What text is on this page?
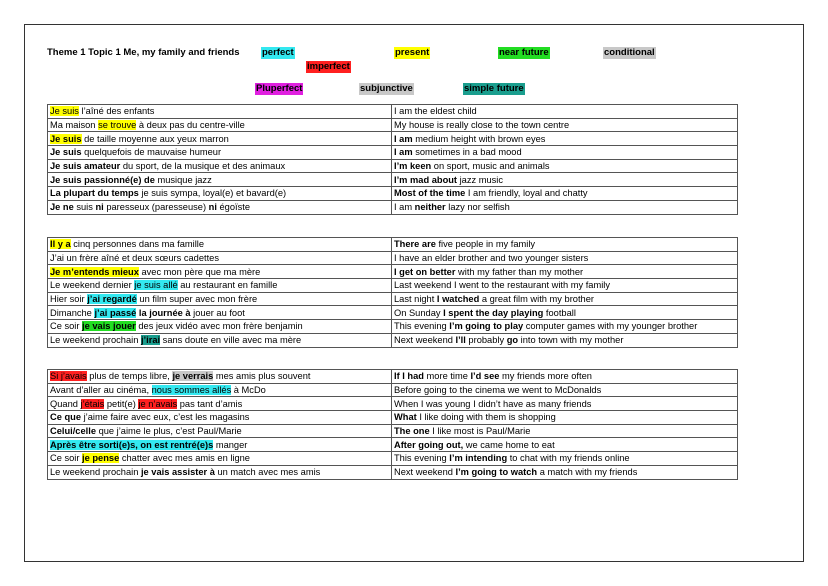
Theme 1 Topic 1 Me, my family and friends perfect	present	near future	conditional
imperfect
Pluperfect	subjunctive	simple future
Je suis l’aîné des enfants	I am the eldest child
Ma maison se trouve à deux pas du centre-ville	My house is really close to the town centre
Je suis de taille moyenne aux yeux marron	I am medium height with brown eyes
Je suis quelquefois de mauvaise humeur	I am sometimes in a bad mood
Je suis amateur du sport, de la musique et des animaux	I’m keen on sport, music and animals
Je suis passionné(e) de musique jazz	I’m mad about jazz music
La plupart du temps je suis sympa, loyal(e) et bavard(e)	Most of the time I am friendly, loyal and chatty
Je ne suis ni paresseux (paresseuse) ni égoïste	I am neither lazy nor selfish
Il y a cinq personnes dans ma famille	There are five people in my family
J’ai un frère aîné et deux sœurs cadettes	I have an elder brother and two younger sisters
Je m’entends mieux avec mon père que ma mère	I get on better with my father than my mother
Le weekend dernier je suis allé au restaurant en famille	Last weekend I went to the restaurant with my family
Hier soir j’ai regardé un film super avec mon frère	Last night I watched a great film with my brother
Dimanche j’ai passé la journée à jouer au foot	On Sunday I spent the day playing football
Ce soir je vais jouer des jeux vidéo avec mon frère benjamin	This evening I’m going to play computer games with my younger brother
Le weekend prochain j’irai sans doute en ville avec ma mère	Next weekend I’ll probably go into town with my mother
Si j’avais plus de temps libre, je verrais mes amis plus souvent	If I had more time I’d see my friends more often
Avant d’aller au cinéma, nous sommes allés à McDo	Before going to the cinema we went to McDonalds
Quand j’étais petit(e) je n’avais pas tant d’amis	When I was young I didn’t have as many friends
Ce que j’aime faire avec eux, c’est les magasins	What I like doing with them is shopping
Celui/celle que j’aime le plus, c’est Paul/Marie	The one I like most is Paul/Marie
Après être sorti(e)s, on est rentré(e)s manger	After going out, we came home to eat
Ce soir je pense chatter avec mes amis en ligne	This evening I’m intending to chat with my friends online
Le weekend prochain je vais assister à un match avec mes amis	Next weekend I’m going to watch a match with my friends
